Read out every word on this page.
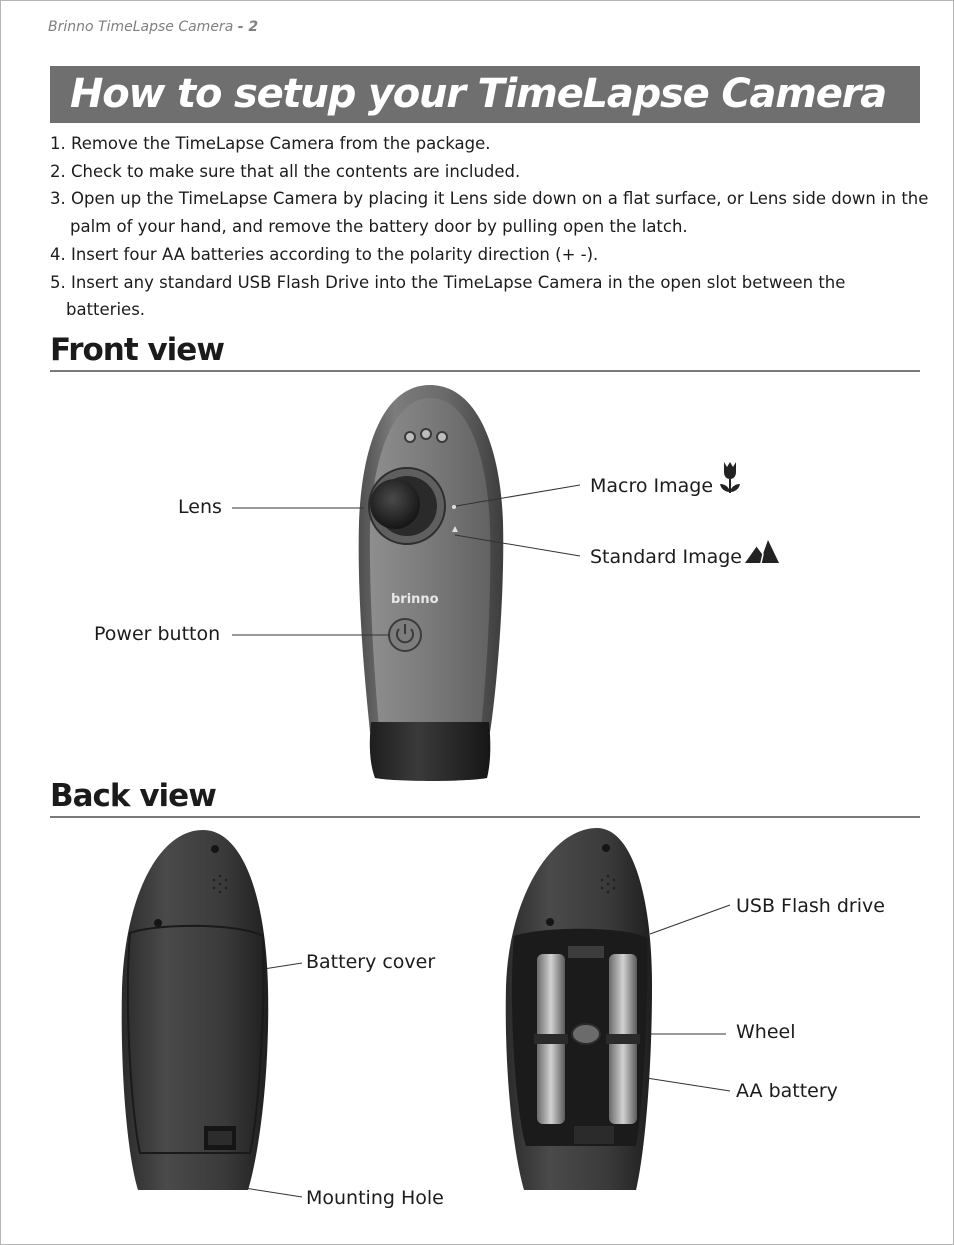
Brinno TimeLapse Camera - 2
How to setup your TimeLapse Camera
1. Remove the TimeLapse Camera from the package.
2. Check to make sure that all the contents are included.
3. Open up the TimeLapse Camera by placing it Lens side down on a flat surface, or Lens side down in the
palm of your hand, and remove the battery door by pulling open the latch.
4. Insert four AA batteries according to the polarity direction (+ -).
5. Insert any standard USB Flash Drive into the TimeLapse Camera in the open slot between the
batteries.
Front view
brinno
Lens
Power button
Macro Image
Standard Image
Back view
Battery cover
Mounting Hole
USB Flash drive
Wheel
AA battery
